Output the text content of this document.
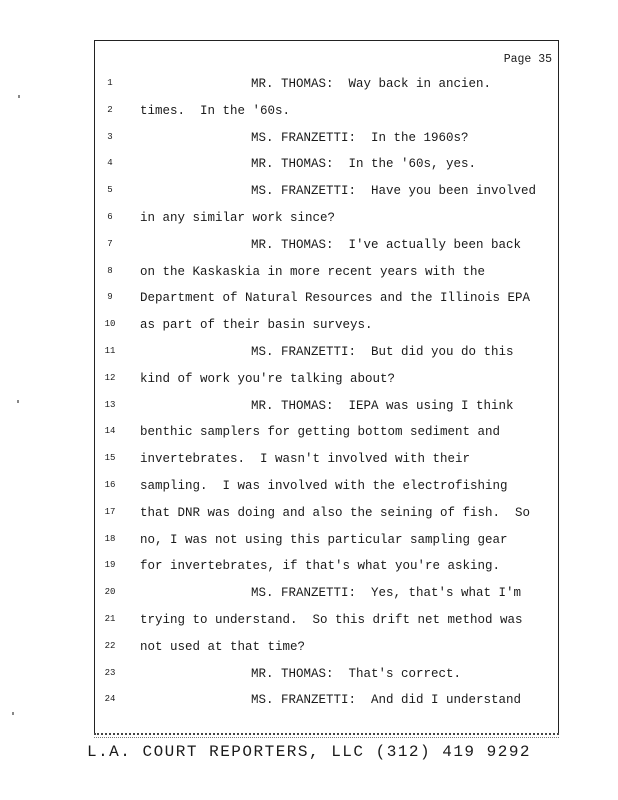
Page 35
1	MR. THOMAS:  Way back in ancien.
2	times.  In the '60s.
3	MS. FRANZETTI:  In the 1960s?
4	MR. THOMAS:  In the '60s, yes.
5	MS. FRANZETTI:  Have you been involved
6	in any similar work since?
7	MR. THOMAS:  I've actually been back
8	on the Kaskaskia in more recent years with the
9	Department of Natural Resources and the Illinois EPA
10	as part of their basin surveys.
11	MS. FRANZETTI:  But did you do this
12	kind of work you're talking about?
13	MR. THOMAS:  IEPA was using I think
14	benthic samplers for getting bottom sediment and
15	invertebrates.  I wasn't involved with their
16	sampling.  I was involved with the electrofishing
17	that DNR was doing and also the seining of fish.  So
18	no, I was not using this particular sampling gear
19	for invertebrates, if that's what you're asking.
20	MS. FRANZETTI:  Yes, that's what I'm
21	trying to understand.  So this drift net method was
22	not used at that time?
23	MR. THOMAS:  That's correct.
24	MS. FRANZETTI:  And did I understand
L.A. COURT REPORTERS, LLC (312) 419 9292
